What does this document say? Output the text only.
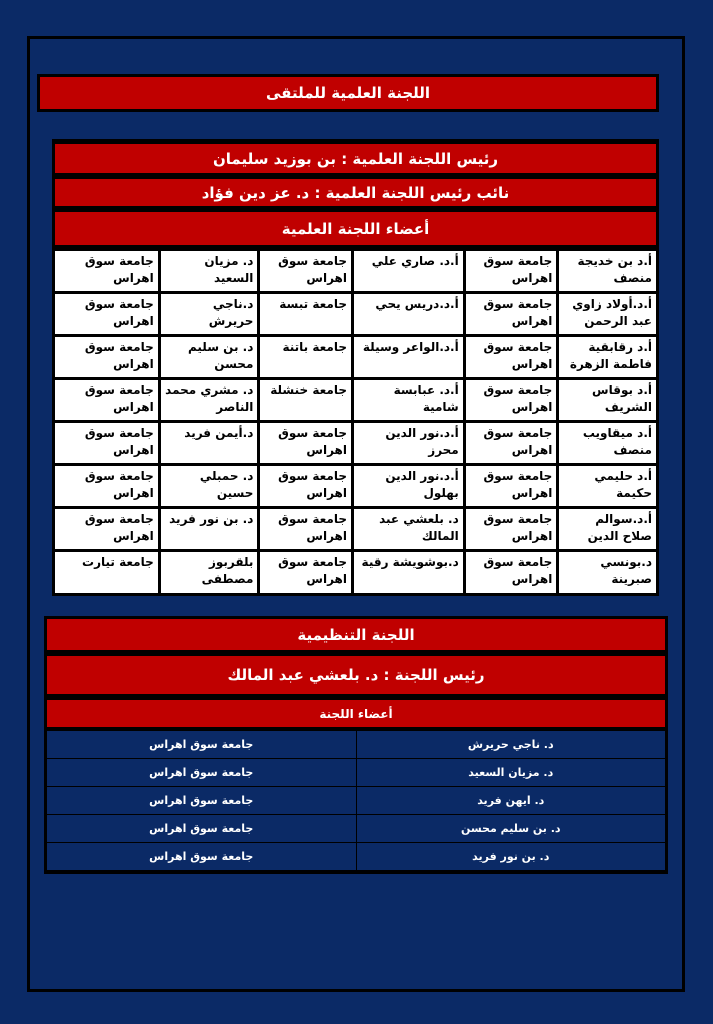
اللجنة العلمية للملتقى
رئيس اللجنة العلمية : بن بوزيد سليمان
نائب رئيس اللجنة العلمية : د. عز دين فؤاد
أعضاء اللجنة العلمية
أ.د بن خديجة منصف	جامعة سوق اهراس	أ.د. صاري علي	جامعة سوق اهراس	د. مزيان السعيد	جامعة سوق اهراس
أ.د.أولاد زاوي عبد الرحمن	جامعة سوق اهراس	أ.د.دريس يحي	جامعة تبسة	د.ناجي حريرش	جامعة سوق اهراس
أ.د رقابقية فاطمة الزهرة	جامعة سوق اهراس	أ.د.الواعر وسيلة	جامعة باتنة	د. بن سليم محسن	جامعة سوق اهراس
أ.د بوقاس الشريف	جامعة سوق اهراس	أ.د. عبابسة شامية	جامعة خنشلة	د. مشري محمد الناصر	جامعة سوق اهراس
أ.د ميقاويب منصف	جامعة سوق اهراس	أ.د.نور الدين محرز	جامعة سوق اهراس	د.أيمن فريد	جامعة سوق اهراس
أ.د حليمي حكيمة	جامعة سوق اهراس	أ.د.نور الدين بهلول	جامعة سوق اهراس	د. حمبلي حسين	جامعة سوق اهراس
أ.د.سوالم صلاح الدين	جامعة سوق اهراس	د. بلعشي عبد المالك	جامعة سوق اهراس	د. بن نور فريد	جامعة سوق اهراس
د.بونسي صبرينة	جامعة سوق اهراس	د.بوشويشة رقية	جامعة سوق اهراس	بلقربوز مصطفى	جامعة تيارت
اللجنة التنظيمية
رئيس اللجنة : د. بلعشي عبد المالك
أعضاء اللجنة
د. ناجي حريرش	جامعة سوق اهراس
د. مزيان السعيد	جامعة سوق اهراس
د. ايهن فريد	جامعة سوق اهراس
د. بن سليم محسن	جامعة سوق اهراس
د. بن نور فريد	جامعة سوق اهراس
